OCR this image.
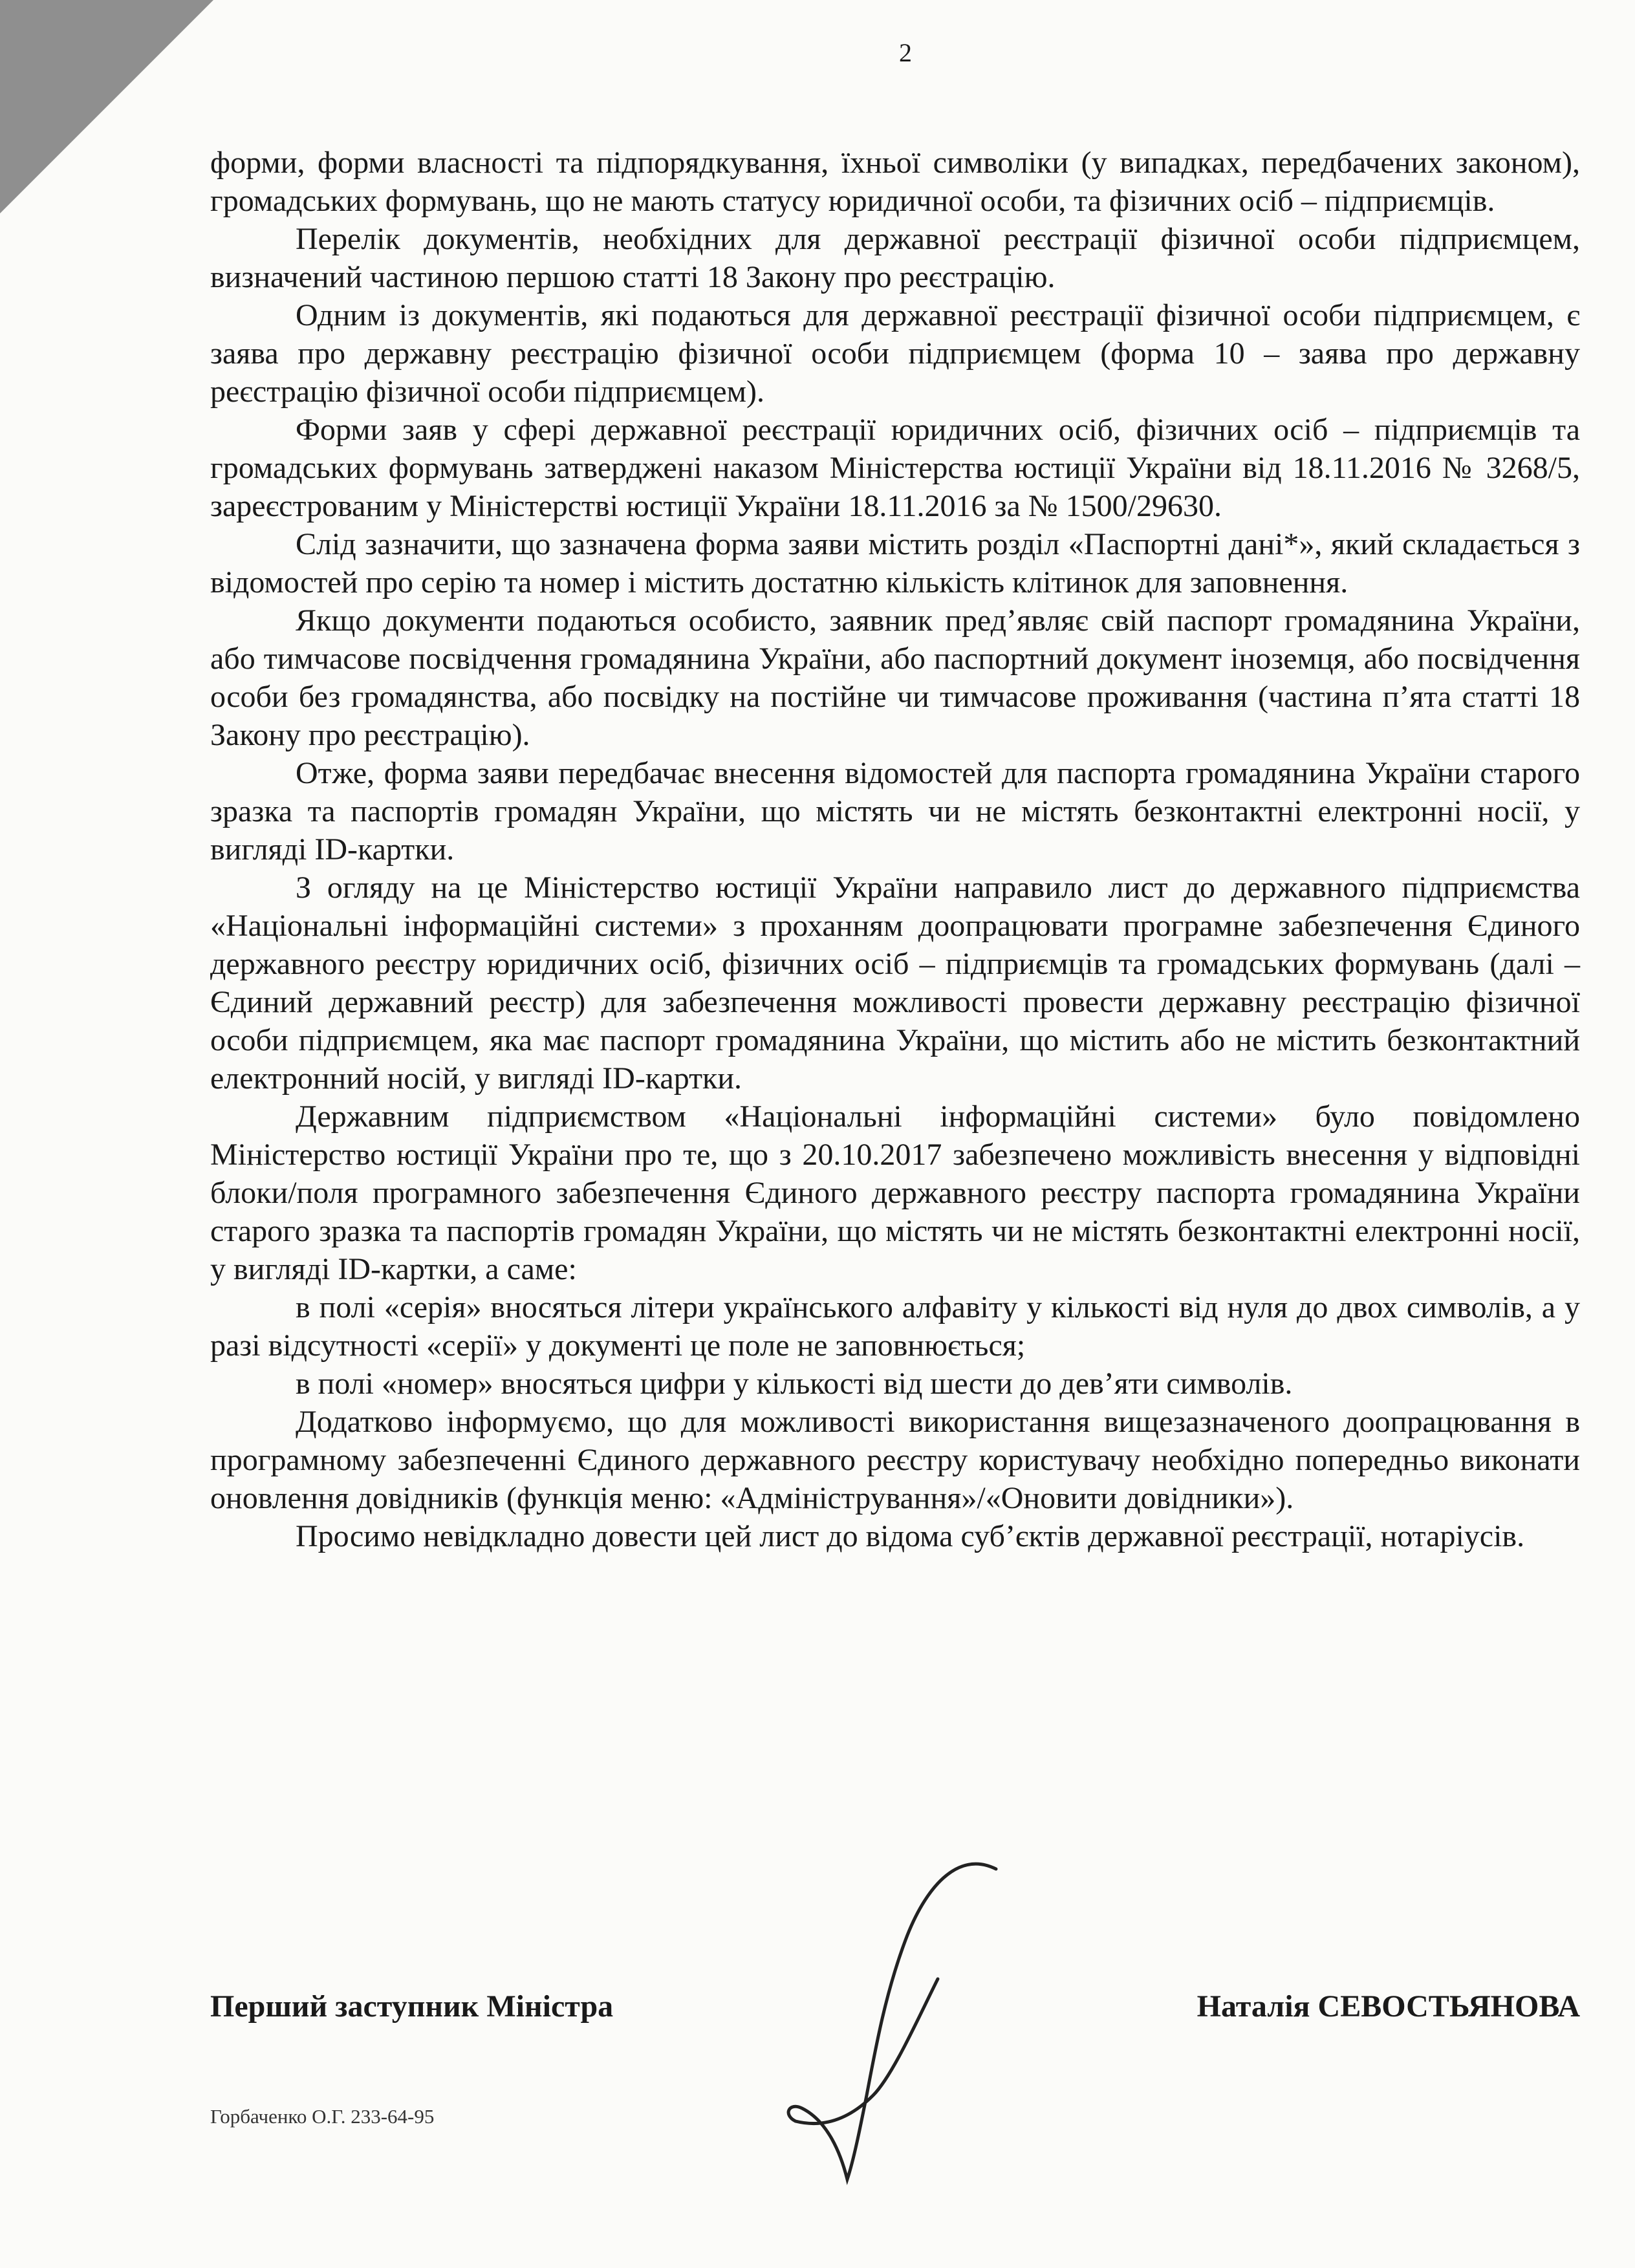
2

форми, форми власності та підпорядкування, їхньої символіки (у випадках, передбачених законом), громадських формувань, що не мають статусу юридичної особи, та фізичних осіб – підприємців.

Перелік документів, необхідних для державної реєстрації фізичної особи підприємцем, визначений частиною першою статті 18 Закону про реєстрацію.

Одним із документів, які подаються для державної реєстрації фізичної особи підприємцем, є заява про державну реєстрацію фізичної особи підприємцем (форма 10 – заява про державну реєстрацію фізичної особи підприємцем).

Форми заяв у сфері державної реєстрації юридичних осіб, фізичних осіб – підприємців та громадських формувань затверджені наказом Міністерства юстиції України від 18.11.2016 № 3268/5, зареєстрованим у Міністерстві юстиції України 18.11.2016 за № 1500/29630.

Слід зазначити, що зазначена форма заяви містить розділ «Паспортні дані*», який складається з відомостей про серію та номер і містить достатню кількість клітинок для заповнення.

Якщо документи подаються особисто, заявник пред’являє свій паспорт громадянина України, або тимчасове посвідчення громадянина України, або паспортний документ іноземця, або посвідчення особи без громадянства, або посвідку на постійне чи тимчасове проживання (частина п’ята статті 18 Закону про реєстрацію).

Отже, форма заяви передбачає внесення відомостей для паспорта громадянина України старого зразка та паспортів громадян України, що містять чи не містять безконтактні електронні носії, у вигляді ID-картки.

З огляду на це Міністерство юстиції України направило лист до державного підприємства «Національні інформаційні системи» з проханням доопрацювати програмне забезпечення Єдиного державного реєстру юридичних осіб, фізичних осіб – підприємців та громадських формувань (далі – Єдиний державний реєстр) для забезпечення можливості провести державну реєстрацію фізичної особи підприємцем, яка має паспорт громадянина України, що містить або не містить безконтактний електронний носій, у вигляді ID-картки.

Державним підприємством «Національні інформаційні системи» було повідомлено Міністерство юстиції України про те, що з 20.10.2017 забезпечено можливість внесення у відповідні блоки/поля програмного забезпечення Єдиного державного реєстру паспорта громадянина України старого зразка та паспортів громадян України, що містять чи не містять безконтактні електронні носії, у вигляді ID-картки, а саме:

в полі «серія» вносяться літери українського алфавіту у кількості від нуля до двох символів, а у разі відсутності «серії» у документі це поле не заповнюється;

в полі «номер» вносяться цифри у кількості від шести до дев’яти символів.

Додатково інформуємо, що для можливості використання вищезазначеного доопрацювання в програмному забезпеченні Єдиного державного реєстру користувачу необхідно попередньо виконати оновлення довідників (функція меню: «Адміністрування»/«Оновити довідники»).

Просимо невідкладно довести цей лист до відома суб’єктів державної реєстрації, нотаріусів.

Перший заступник Міністра	Наталія СЕВОСТЬЯНОВА
Горбаченко О.Г. 233-64-95
